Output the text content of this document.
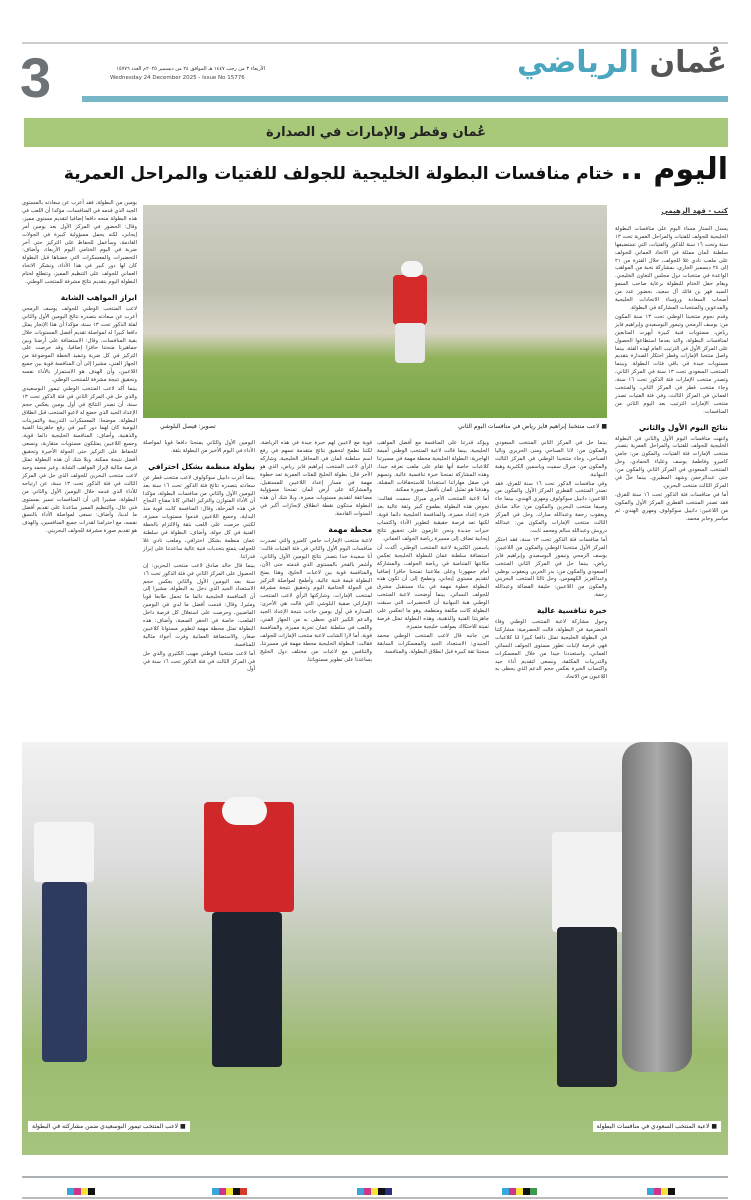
3	الأربعاء ٣ من رجب ١٤٤٧ هـ الموافق ٢٤ من ديسمبر ٢٠٢٥م العدد ١٥٧٧٦
Wednesday 24 December 2025 - Issue No 15776	عُمان الرياضي
عُمان وقطر والإمارات في الصدارة
اليوم .. ختام منافسات البطولة الخليجية للجولف للفتيات والمراحل العمرية
كتب - فهد الزهيمي

يسدل الستار مساء اليوم على منافسات البطولة الخليجية للجولف للفتيات والمراحل العمرية تحت ١٣ سنة وتحت ١٦ سنة للذكور والفتيات، التي تستضيفها سلطنة عُمان ممثلة في الاتحاد العماني للجولف على ملعب نادي غلا للجولف، خلال الفترة من ٢١ إلى ٢٤ ديسمبر الجاري، بمشاركة نخبة من المواهب الواعدة في منتخبات دول مجلس التعاون الخليجي. ويقام حفل الختام للبطولة برعاية صاحب السمو السيد فهر بن فاتك آل سعيد، بحضور عدد من أصحاب السعادة ورؤساء الاتحادات الخليجية والمدعوين والمنتخبات المشاركة في البطولة.

وقدم نجوم منتخبنا الوطني تحت ١٣ سنة المكون من: يوسف الرمحي وتيمور البوسعيدي وإبراهيم فايز رياض، مستويات فنية كبيرة أبهرت المتابعين لمنافسات البطولة، والتد بعدما استطاعوا الحصول على المركز الأول في الترتيب العام لهذه الفئة، بينما واصل منتخبا الإمارات وقطر احتكار الصدارة بتقديم مستويات جيدة في باقي فئات البطولة. وبينما المنتخب السعودي تحت ١٣ سنة في المركز الثاني، وتصدر منتخب الإمارات فئة الذكور تحت ١٦ سنة، وجاء منتخب قطر في المركز الثاني، والمنتخب العماني في المركز الثالث، وفي فئة الفتيات تصدر منتخب الإمارات الترتيب بعد اليوم الثاني من المنافسات.

نتائج اليوم الأول والثاني

وانتهت منافسات اليوم الأول والثاني في البطولة الخليجية للجولف للفتيات والمراحل العمرية بتصدر منتخب الإمارات فئة الفتيات، والمكون من: جامي كاميرو وفاطمة يوسف وعلياء الحمادي، وحل المنتخب السعودي في المركز الثاني والمكون من: جنى عبدالرحمن وشهد المطيري، بينما حلّ في المركز الثالث منتخب البحرين.

أما في منافسات فئة الذكور تحت ١٦ سنة للفرق، فقد تصدر المنتخب القطري المركز الأول والمكون من اللاعبين: دانييل سوكولوف ومهري الهندي، ثم مياسر وجابر محمد.

■ لاعب منتخبنا إبراهيم فايز رياض في منافسات اليوم الثاني
تصوير: فيصل البلوشي

بينما حل في المركز الثاني المنتخب السعودي والمكون من: لانا الصباحي ومنى الحريري وناليا الصباحي، وجاء منتخبنا الوطني في المركز الثالث والمكون من: ميرال سميت وياسمين الكثيرية وهبة النبهانية.

وفي منافسات الذكور تحت ١٦ سنة للفرق، فقد تصدر المنتخب القطري المركز الأول والمكون من اللاعبين: دانييل سوكولوف ومهري الهندي، بينما جاء وصيفا منتخب البحرين والمكون من: خالد صادق ويعقوب رحمة وعبدالله مبارك، وحل في المركز الثالث منتخب الإمارات والمكون من: عبدالله درويش وعبدالله سالم ومحمد ثابت.

أما منافسات فئة الذكور تحت ١٣ سنة، فقد احتكر المركز الأول منتخبنا الوطني والمكون من اللاعبين: يوسف الرمحي وتيمور البوسعيدي وإبراهيم فايز رياض، بينما حل في المركز الثاني المنتخب السعودي والمكون من: بدر الحربي ويعقوب بوظبي وعبدالعزيز الكهموس، وحل ثالثا المنتخب البحريني والمكون من اللاعبين: خليفة الفضالة وعبدالله رحمة.

خبرة تنافسية عالية

وحول مشاركة لاعبة المنتخب الوطني وفاء الحضرمية في البطولة، قالت الحضرمية: مشاركتنا في البطولة الخليجية تمثل دافعا كبيرا لنا كلاعبات فهي فرصة لإثبات تطور مستوى الجولف النسائي العماني، واستعددنا جيدا من خلال المعسكرات والتدريبات المكثفة، ونسعى لتقديم أداء جيد واكتساب الخبرة بعكس حجم الدعم الذي يحظى به اللاعبون من الاتحاد.

ويؤكد قدرتنا على المنافسة مع أفضل المواهب الخليجية. بينما قالت لاعبة المنتخب الوطني أميمة الهاجرية: البطولة الخليجية محطة مهمة في مسيرتنا كلاعبات خاصة أنها تقام على ملعب نعرفه جيدا، وهذه المشاركة تمنحنا خبرة تنافسية عالية، وتسهم في صقل مهاراتنا استعدادا للاستحقاقات المقبلة، وهدفنا هو تمثيل عُمان بأفضل صورة ممكنة.

أما لاعبة المنتخب الأخرى ميرال سميت فقالت: نخوض هذه البطولة بطموح كبير وثقة عالية بعد فترة إعداد مميزة، والمنافسة الخليجية دائما قوية، لكنها تعد فرصة حقيقية لتطوير الأداء واكتساب خبرات جديدة ونحن عازمون على تحقيق نتائج إيجابية تضاف إلى مسيرة رياضة الجولف العماني.

ياسمين الكثيرية لاعبة المنتخب الوطني، أكدت أن استضافة سلطنة عمان للبطولة الخليجية تعكس مكانتها المتنامية في رياضة الجولف، والمشاركة أمام جمهورنا وعلى ملاعبنا تمنحنا حافزا إضافيا لتقديم مستوى إيجابي، ونطمح إلى أن تكون هذه البطولة خطوة مهمة في بناء مستقبل مشرق للجولف النسائي. بينما أوضحت لاعبة المنتخب الوطني هبة النبهانية أن التحضيرات التي سبقت البطولة كانت مكثفة ومنظمة، وهو ما انعكس على جاهزيتنا الفنية والذهنية، وهذه البطولة تمثل فرصة ثمينة للاحتكاك بمواهب خليجية متميزة.

من جانبه قال لاعب المنتخب الوطني محمد الجنيدي: الاستعداد الجيد والمعسكرات السابقة منحتنا ثقة كبيرة قبل انطلاق البطولة، والمنافسة.

قوية مع لاعبين لهم خبرة جيدة في هذه الرياضة، لكننا نطمح لتحقيق نتائج متقدمة تسهم في رفع اسم سلطنة عُمان في المحافل الخليجية، وشاركه الرأي لاعب المنتخب إبراهيم فايز رياض، الذي هو الآخر قال: بطولة الخليج للفئات العمرية تعد خطوة مهمة في مسار إعداد اللاعبين للمستقبل، والمشاركة على أرض عُمان تمنحنا مسؤولية مضاعفة لتقديم مستويات مميزة، وبلا شك أن هذه البطولة ستكون نقطة انطلاق لإنجازات أكبر في السنوات القادمة.

محطة مهمة

لاعبة منتخب الإمارات جامي كاميرو والتي تصدرت منافسات اليوم الأول والثاني في فئة الفتيات قالت: أنا سعيدة جدا بتصدر نتائج اليومين الأول والثاني، وأشعر بالفخر بالمستوى الذي قدمته حتى الآن، والمنافسة قوية بين لاعبات الخليج، وهذا يمنح البطولة قيمة فنية عالية، وأطمح لمواصلة التركيز في الجولة الختامية اليوم وتحقيق نتيجة مشرفة لمنتخب الإمارات. وشاركتها الرأي لاعب المنتخب الإماراتي صفية البلوشي التي قالت هي الأخرى: الصدارة في أول يومين جاءت نتيجة الإعداد الجيد والدعم الكبير الذي نحظى به من الجهاز الفني، واللعب في سلطنة عمان تجربة مميزة، والمنافسة قوية. أما لارا الشايب لاعبة منتخب الإمارات للجولف فقالت: البطولة الخليجية محطة مهمة في مسيرتنا، والتنافس مع لاعبات من مختلف دول الخليج يساعدنا على تطوير مستوياتنا.

اليومين الأول والثاني يمنحنا دافعا قويا لمواصلة الأداء في اليوم الأخير من البطولة بثقة.

بطولة منظمة بشكل احترافي

بينما أعرب دانييل سوكولوف لاعب منتخب قطر عن سعادته بتصدره نتائج فئة الذكور تحت ١٦ سنة بعد اليومين الأول والثاني من منافسات البطولة، مؤكدا أن الأداء المتوازن والتركيز العالي كانا مفتاح النجاح في هذه المرحلة، وقال: المنافسة كانت قوية منذ البداية، وجميع اللاعبين قدموا مستويات مميزة، لكنني حرصت على اللعب بثقة والالتزام بالخطة الفنية في كل جولة، وأضاف: البطولة في سلطنة عمان منظمة بشكل احترافي، وملعب نادي غلا للجولف يتمتع بتحديات فنية عالية ساعدتنا على إبراز قدراتنا.

بينما قال خالد صادق لاعب منتخب البحرين: إن الحصول على المركز الثاني في فئة الذكور تحت ١٦ سنة بعد اليومين الأول والثاني يعكس حجم الاستعداد الجيد الذي دخل به البطولة، مشيرا إلى أن المنافسة الخليجية دائما ما تحمل طابعا قويا ومثيرا، وقال: قدمت أفضل ما لدي في اليومين الماضيين، وحرصت على استغلال كل فرصة داخل الملعب، خاصة في الحفر الصعبة، وأضاف: هذه البطولة تمثل محطة مهمة لتطوير مستوانا كلاعبين صغار، والاستضافة العمانية وفرت أجواء مثالية للمنافسة.

أما لاعب منتخبنا الوطني مهيب الكثيري والذي حل في المركز الثالث في فئة الذكور تحت ١٦ سنة في أول

يومين من البطولة، فقد أعرب عن سعادته بالمستوى الجيد الذي قدمه في المنافسات، مؤكدا أن اللعب في هذه البطولة منحه دافعا إضافيا لتقديم مستوى مميز، وقال: الحضور في المركز الأول بعد يومين أمر إيجابي، لكنه يحمل مسؤولية كبيرة في الجولات القادمة، وسأعمل للحفاظ على التركيز حتى آخر ضربة في اليوم الختامي اليوم الأربعاء، وأضاف: التحضيرات والمعسكرات التي خضناها قبل البطولة كان لها دور كبير في هذا الأداء، ونشكر الاتحاد العماني للجولف على التنظيم المميز، ونتطلع لختام البطولة اليوم بتقديم نتائج مشرفة للمنتخب الوطني.

ابراز المواهب الشابة

لاعب المنتخب الوطني للجولف يوسف الرمحي أعرب عن سعادته بتصدره نتائج اليومين الأول والثاني لفئة الذكور تحت ١٣ سنة، مؤكدا أن هذا الإنجاز يمثل دافعا كبيرا له لمواصلة تقديم أفضل المستويات خلال بقية المنافسات، وقال: الاستضافة على أرضنا وبين جماهيرنا منحتنا حافزا إضافيا، وقد حرصت على التركيز في كل ضربة وتنفيذ الخطة الموضوعة من الجهاز الفني، مشيرا إلى أن المنافسة قوية بين جميع اللاعبين، وأن الهدف هو الاستمرار بالأداء نفسه وتحقيق نتيجة مشرفة للمنتخب الوطني.

بينما أكد لاعب المنتخب الوطني تيمور البوسعيدي والذي حل في المركز الثاني في فئة الذكور تحت ١٣ سنة، أن تصدر النتائج في أول يومين يعكس حجم الإعداد الجيد الذي خضع له لاعبو المنتخب قبل انطلاق البطولة، موضحا: المعسكرات التدريبية والتمرينات اليومية كان لهما دور كبير في رفع جاهزيتنا الفنية والذهنية، وأضاف: المنافسة الخليجية دائما قوية، وجميع اللاعبين يمتلكون مستويات متقاربة، ونسعى للحفاظ على التركيز حتى الجولة الأخيرة وتحقيق أفضل نتيجة ممكنة. وبلا شك أن هذه البطولة تمثل فرصة مثالية لإبراز المواهب الشابة. وعبر محمد وحيد لاعب منتخب البحرين للجولف الذي حل في المركز الثالث في فئة الذكور تحت ١٣ سنة، عن ارتياحه للأداء الذي قدمه خلال اليومين الأول والثاني من البطولة، مشيرا إلى أن المنافسات تسير بمستوى فني عال، والتنظيم المميز ساعدنا على تقديم أفضل ما لدينا، وأضاف: نسعى لمواصلة الأداء بالنسق نفسه، مع احترامنا لقدرات جميع المنافسين، والهدف هو تقديم صورة مشرفة للجولف البحريني.

■ لاعبة المنتخب السعودي في منافسات البطولة
■ لاعب المنتخب تيمور البوسعيدي ضمن مشاركته في البطولة
